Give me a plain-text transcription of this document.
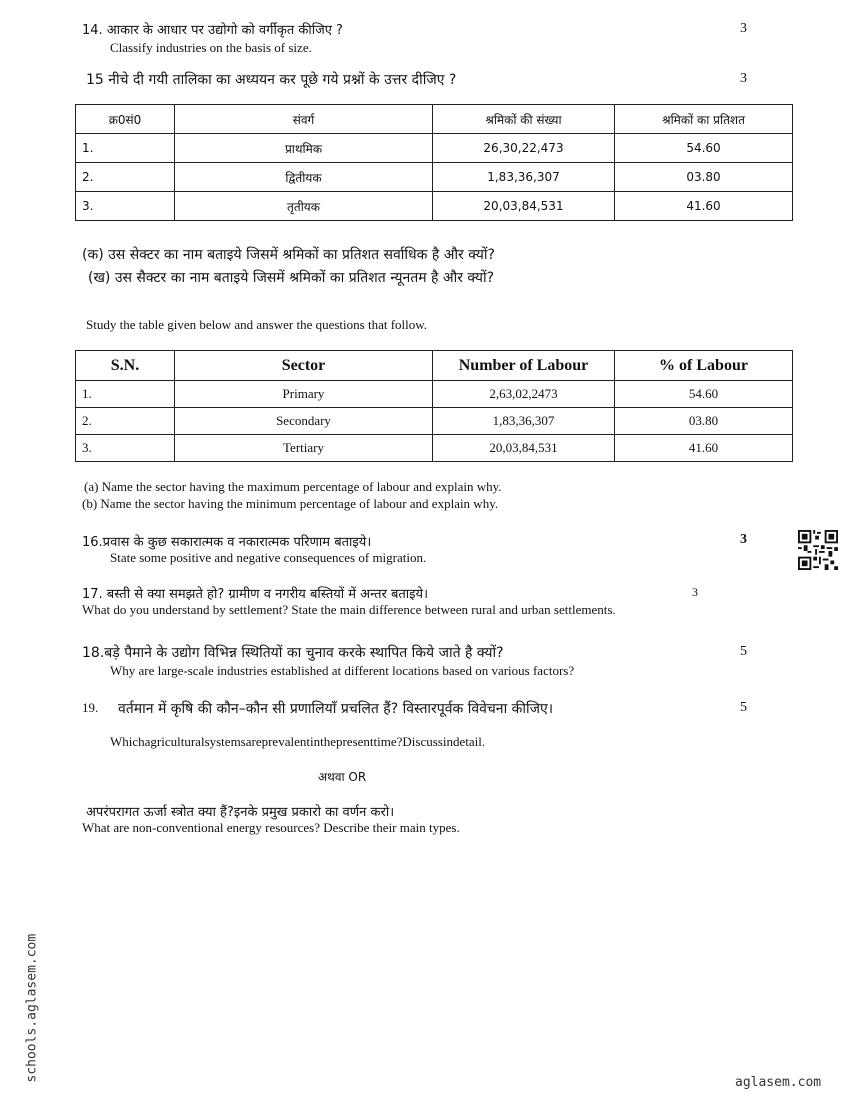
14. आकार के आधार पर उद्योगो को वर्गीकृत कीजिए ?
Classify industries on the basis of size.
3
15 नीचे दी गयी तालिका का अध्ययन कर पूछे गये प्रश्नों के उत्तर दीजिए ?	3
क्र0सं0	संवर्ग	श्रमिकों की संख्या	श्रमिकों का प्रतिशत
1.	प्राथमिक	26,30,22,473	54.60
2.	द्वितीयक	1,83,36,307	03.80
3.	तृतीयक	20,03,84,531	41.60
(क) उस सेक्टर का नाम बताइये जिसमें श्रमिकों का प्रतिशत सर्वाधिक है और क्यों?
(ख) उस सैक्टर का नाम बताइये जिसमें श्रमिकों का प्रतिशत न्यूनतम है और क्यों?
Study the table given below and answer the questions that follow.
S.N.	Sector	Number of Labour	% of Labour
1.	Primary	2,63,02,2473	54.60
2.	Secondary	1,83,36,307	03.80
3.	Tertiary	20,03,84,531	41.60
(a) Name the sector having the maximum percentage of labour and explain why.
(b) Name the sector having the minimum percentage of labour and explain why.
16.प्रवास के कुछ सकारात्मक व नकारात्मक परिणाम बताइये।
State some positive and negative consequences of migration.
3
17. बस्ती से क्या समझते हो? ग्रामीण व नगरीय बस्तियों में अन्तर बताइये।
What do you understand by settlement? State the main difference between rural and urban settlements.
3
18.बड़े पैमाने के उद्योग विभिन्न स्थितियों का चुनाव करके स्थापित किये जाते है क्यों?
Why are large-scale industries established at different locations based on various factors?
5
19. वर्तमान में कृषि की कौन–कौन सी प्रणालियाँ प्रचलित हैं? विस्तारपूर्वक विवेचना कीजिए।	5
Whichagriculturalsystemsareprevalentinthepresenttime?Discussindetail.
अथवा OR
अपरंपरागत ऊर्जा स्त्रोत क्या हैं?इनके प्रमुख प्रकारो का वर्णन करो।
What are non-conventional energy resources? Describe their main types.
schools.aglasem.com	aglasem.com
